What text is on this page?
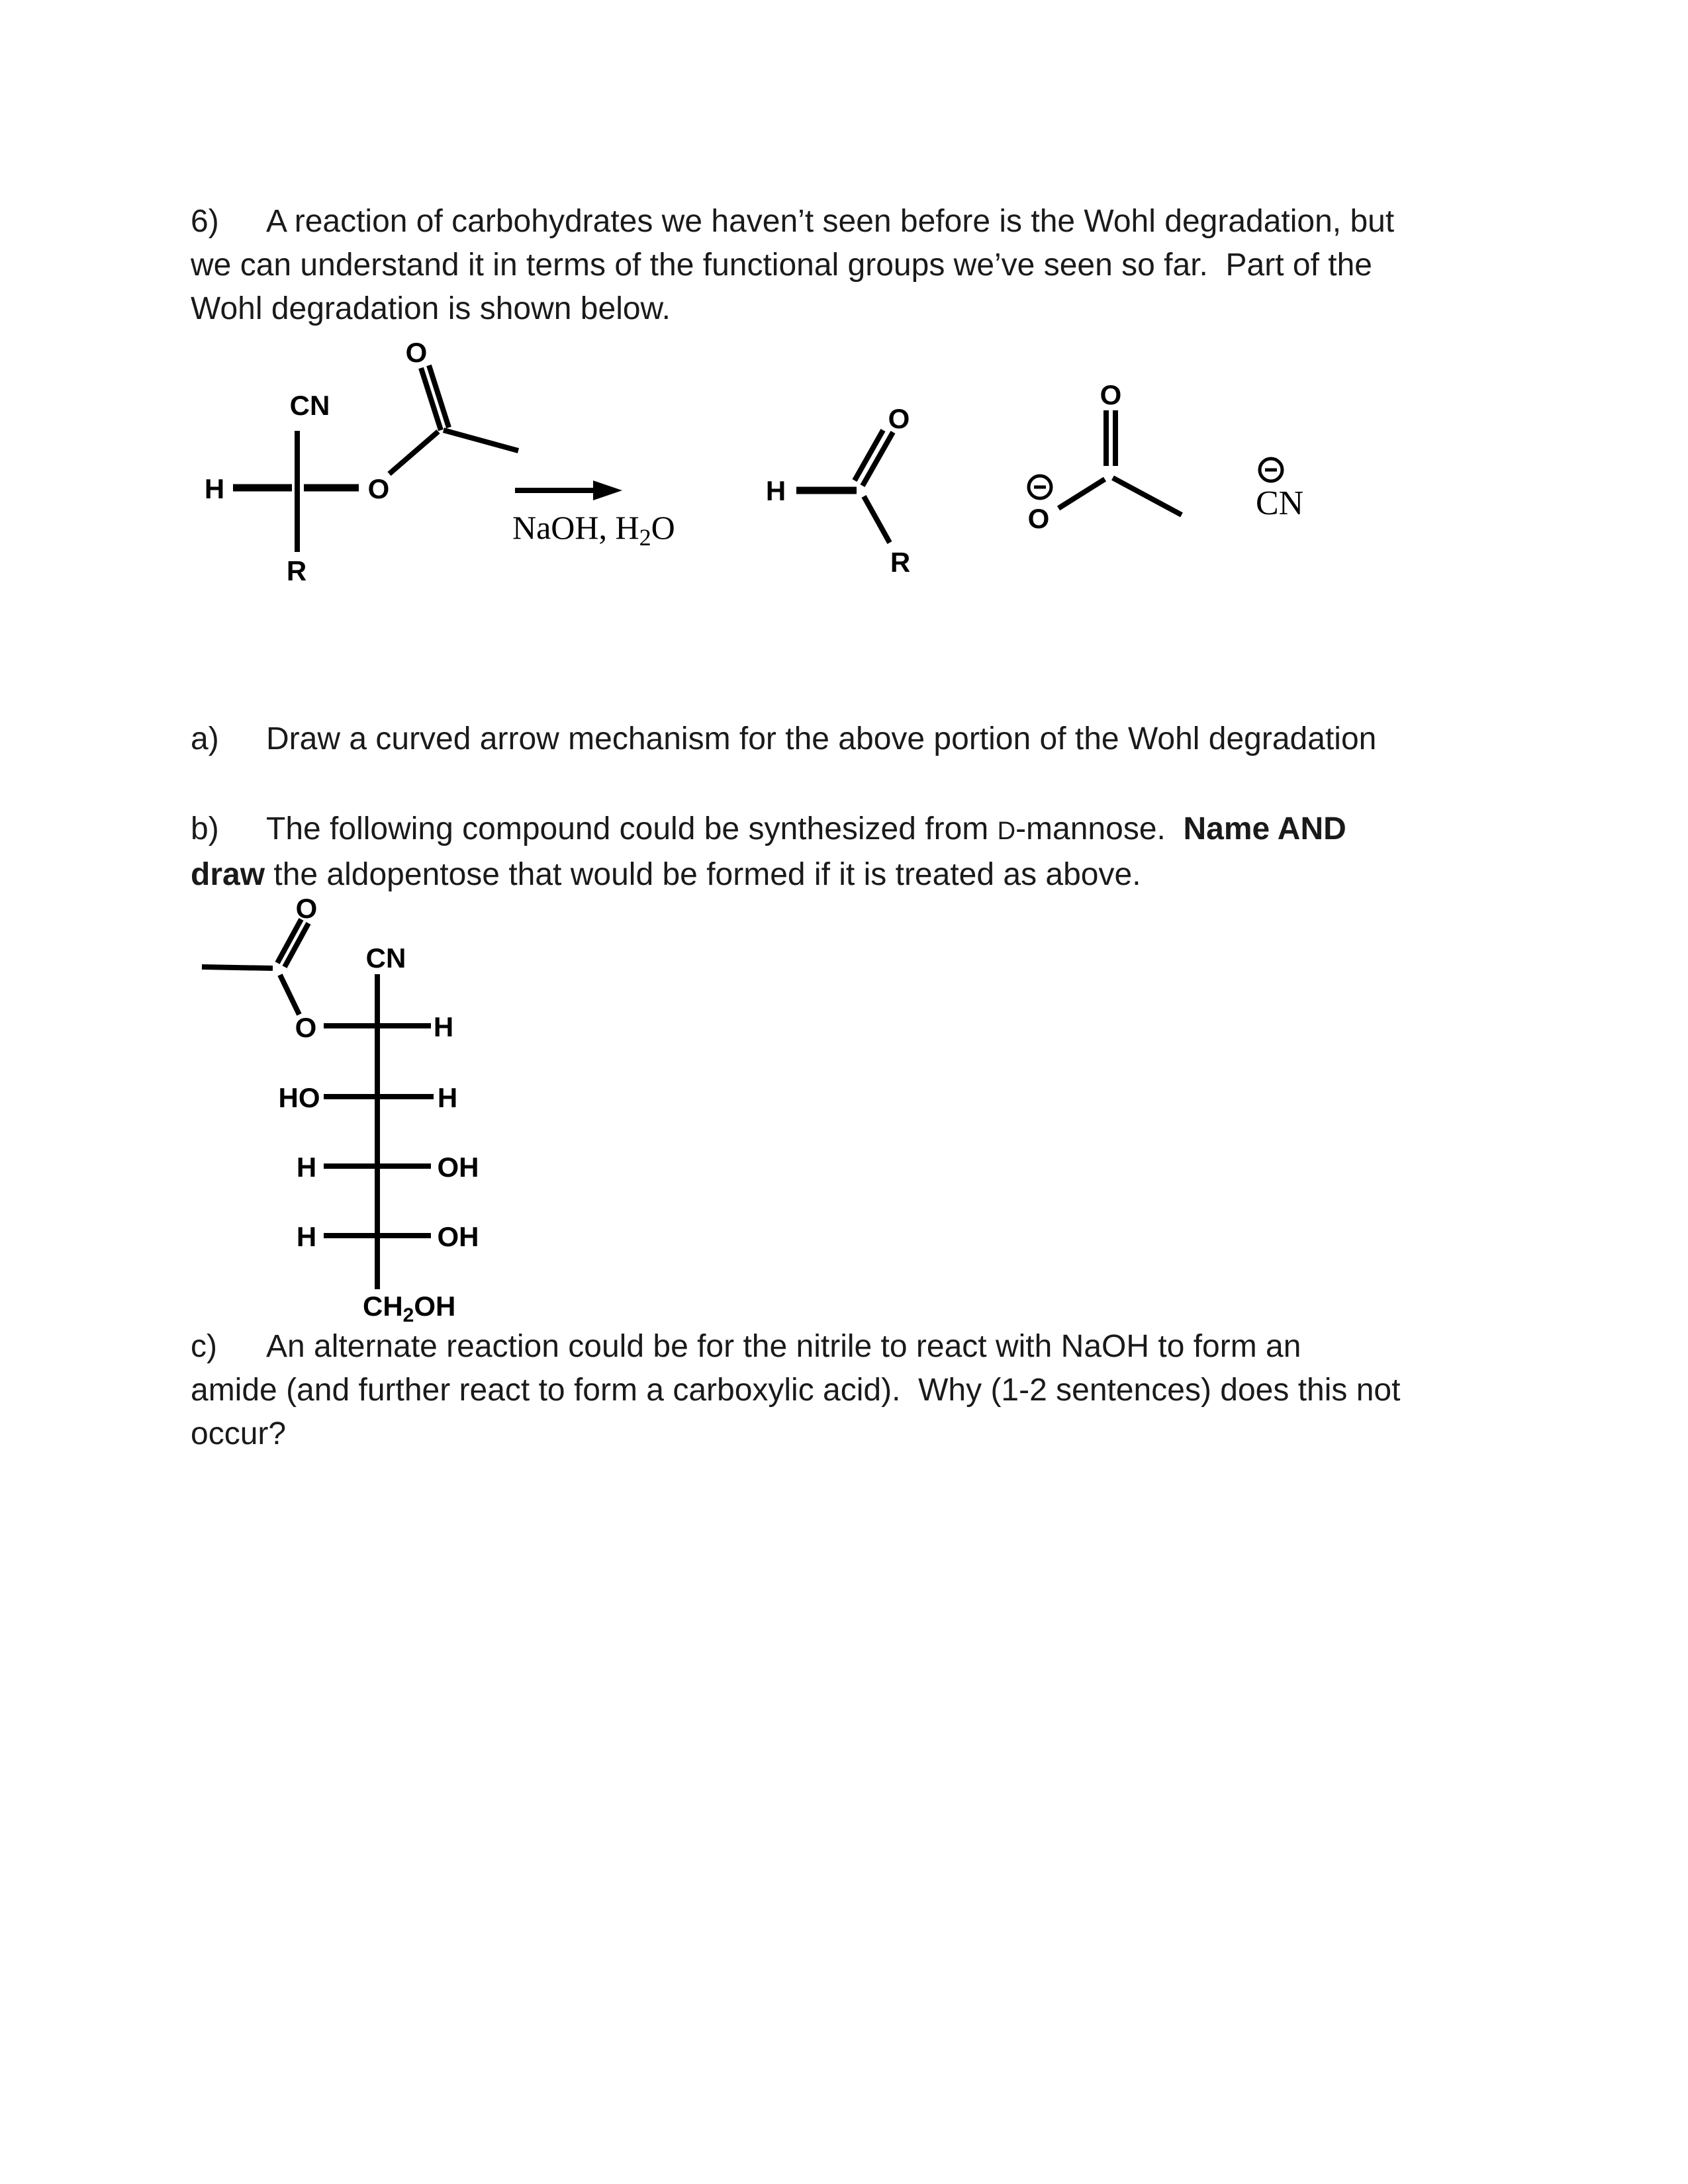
6) A reaction of carbohydrates we haven’t seen before is the Wohl degradation, but
we can understand it in terms of the functional groups we’ve seen so far.  Part of the
Wohl degradation is shown below.
a) Draw a curved arrow mechanism for the above portion of the Wohl degradation
b) The following compound could be synthesized from D-mannose.  Name AND
draw the aldopentose that would be formed if it is treated as above.
c) An alternate reaction could be for the nitrile to react with NaOH to form an
amide (and further react to form a carboxylic acid).  Why (1-2 sentences) does this not
occur?
CN
H
R
O
O
NaOH, $H_2O$
H
O
R
O
O	CN
O
O
CN
H
HO	H
H	OH
H	OH
$CH_2OH$
